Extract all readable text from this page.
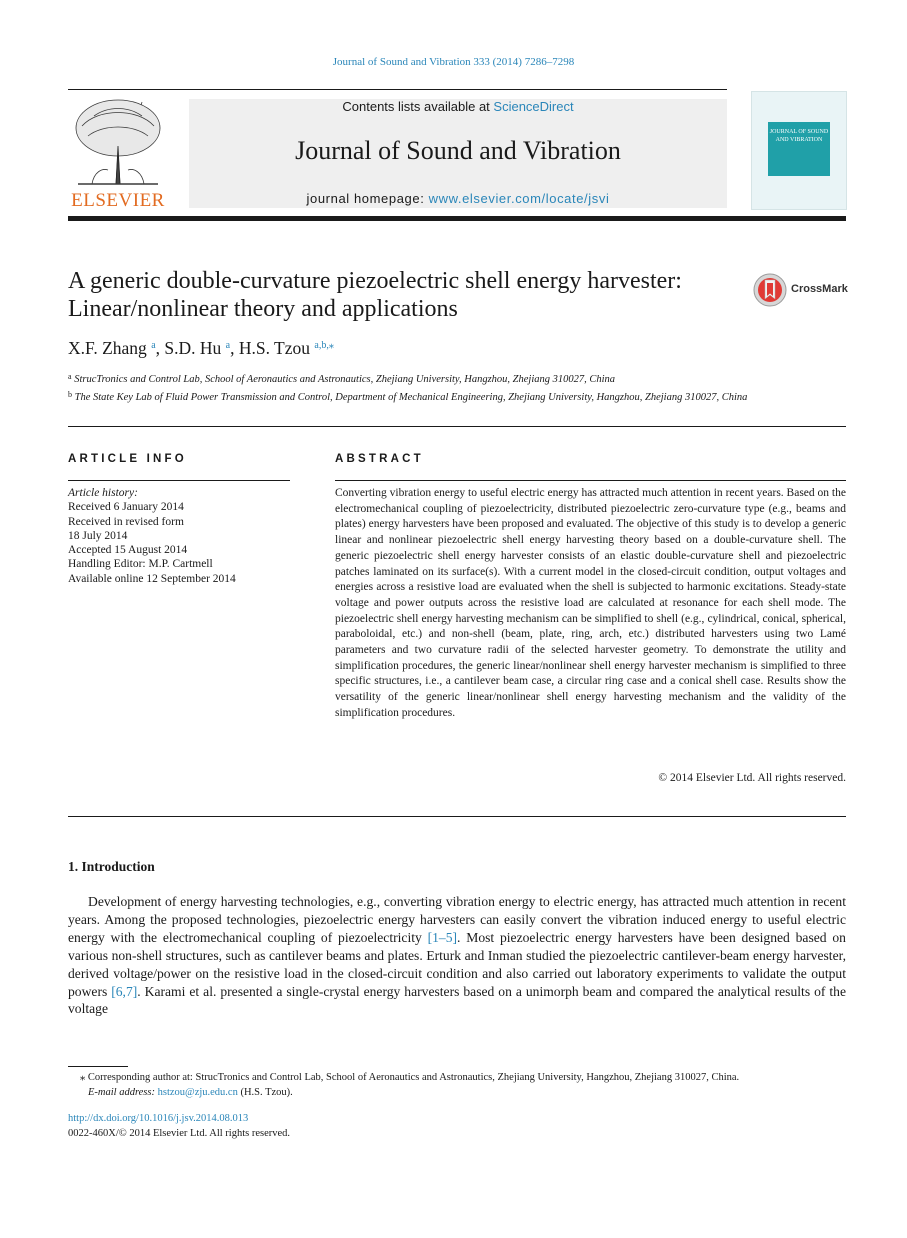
Journal of Sound and Vibration 333 (2014) 7286–7298
ELSEVIER
Contents lists available at ScienceDirect
Journal of Sound and Vibration
journal homepage: www.elsevier.com/locate/jsvi
JOURNAL OF SOUND AND VIBRATION
A generic double-curvature piezoelectric shell energy harvester: Linear/nonlinear theory and applications
CrossMark
X.F. Zhang $^a$, S.D. Hu $^a$, H.S. Tzou $^{a,b,⁎}$
$^a$ StrucTronics and Control Lab, School of Aeronautics and Astronautics, Zhejiang University, Hangzhou, Zhejiang 310027, China
$^b$ The State Key Lab of Fluid Power Transmission and Control, Department of Mechanical Engineering, Zhejiang University, Hangzhou, Zhejiang 310027, China
ARTICLE INFO
Article history:
Received 6 January 2014
Received in revised form
18 July 2014
Accepted 15 August 2014
Handling Editor: M.P. Cartmell
Available online 12 September 2014
ABSTRACT
Converting vibration energy to useful electric energy has attracted much attention in recent years. Based on the electromechanical coupling of piezoelectricity, distributed piezoelectric zero-curvature type (e.g., beams and plates) energy harvesters have been proposed and evaluated. The objective of this study is to develop a generic linear and nonlinear piezoelectric shell energy harvesting theory based on a double-curvature shell. The generic piezoelectric shell energy harvester consists of an elastic double-curvature shell and piezoelectric patches laminated on its surface(s). With a current model in the closed-circuit condition, output voltages and energies across a resistive load are evaluated when the shell is subjected to harmonic excitations. Steady-state voltage and power outputs across the resistive load are calculated at resonance for each shell mode. The piezoelectric shell energy harvesting mechanism can be simplified to shell (e.g., cylindrical, conical, spherical, paraboloidal, etc.) and non-shell (beam, plate, ring, arch, etc.) distributed harvesters using two Lamé parameters and two curvature radii of the selected harvester geometry. To demonstrate the utility and simplification procedures, the generic linear/nonlinear shell energy harvester mechanism is simplified to three specific structures, i.e., a cantilever beam case, a circular ring case and a conical shell case. Results show the versatility of the generic linear/nonlinear shell energy harvesting mechanism and the validity of the simplification procedures.
© 2014 Elsevier Ltd. All rights reserved.
1. Introduction
Development of energy harvesting technologies, e.g., converting vibration energy to electric energy, has attracted much attention in recent years. Among the proposed technologies, piezoelectric energy harvesters can easily convert the vibration induced energy to useful electric energy with the electromechanical coupling of piezoelectricity [1–5]. Most piezoelectric energy harvesters have been designed based on various non-shell structures, such as cantilever beams and plates. Erturk and Inman studied the piezoelectric cantilever-beam energy harvester, derived voltage/power on the resistive load in the closed-circuit condition and also carried out laboratory experiments to validate the output powers [6,7]. Karami et al. presented a single-crystal energy harvesters based on a unimorph beam and compared the analytical results of the voltage
⁎ Corresponding author at: StrucTronics and Control Lab, School of Aeronautics and Astronautics, Zhejiang University, Hangzhou, Zhejiang 310027, China.
E-mail address: hstzou@zju.edu.cn (H.S. Tzou).
http://dx.doi.org/10.1016/j.jsv.2014.08.013
0022-460X/© 2014 Elsevier Ltd. All rights reserved.
